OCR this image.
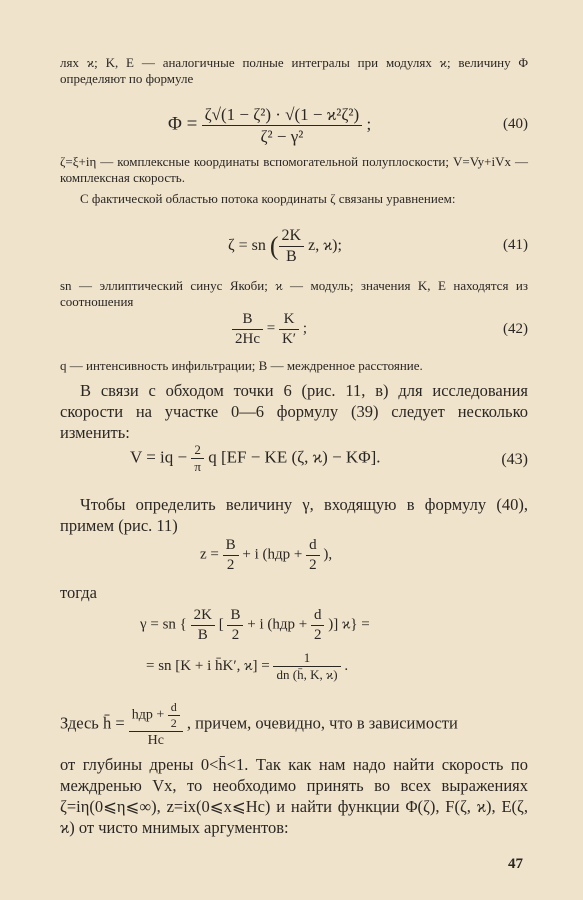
лях ϰ; K, E — аналогичные полные интегралы при модулях ϰ; величину Φ определяют по формуле

$\Phi = \frac{\text{ζ√(1 − ζ²) · √(1 − ϰ²ζ²)}}{\text{ζ² − γ²}}$ ;	(40)

ζ=ξ+iη — комплексные координаты вспомогательной полуплоскости; V=Vy+iVx — комплексная скорость.

С фактической областью потока координаты ζ связаны уравнением:

ζ = sn ( $\frac{2K}{B} z$, ϰ);	(41)

sn — эллиптический синус Якоби; ϰ — модуль; значения K, E находятся из соотношения

$\frac{B}{2Hc} = \frac{K}{K'}$ ;	(42)

q — интенсивность инфильтрации; B — междренное расстояние.

В связи с обходом точки 6 (рис. 11, в) для исследования скорости на участке 0—6 формулу (39) следует несколько изменить:

V = iq − $\frac{2}{\pi}$ q [EF − KE (ζ, ϰ) − KΦ].	(43)

Чтобы определить величину γ, входящую в формулу (40), примем (рис. 11)

$z = \frac{B}{2} + i$ ($hдр + \frac{d}{2}$ ),

тогда

γ = sn { $\frac{2K}{B}$ [ $\frac{B}{2} + i$ ($hдр + \frac{d}{2}$ )] ϰ} =
= sn [K + i h̄K′, $ϰ] = \frac{1}{dn (h̄, K, ϰ)}$ .
Здесь h̄ = $\frac{hдр + \frac{d}{2}}{Hc}$ , причем, очевидно, что в зависимости

от глубины дрены 0<h̄<1. Так как нам надо найти скорость по междренью Vx, то необходимо принять во всех выражениях ζ=iη(0⩽η⩽∞), z=ix(0⩽x⩽Hc) и найти функции Φ(ζ), F(ζ, ϰ), E(ζ, ϰ) от чисто мнимых аргументов:

47
